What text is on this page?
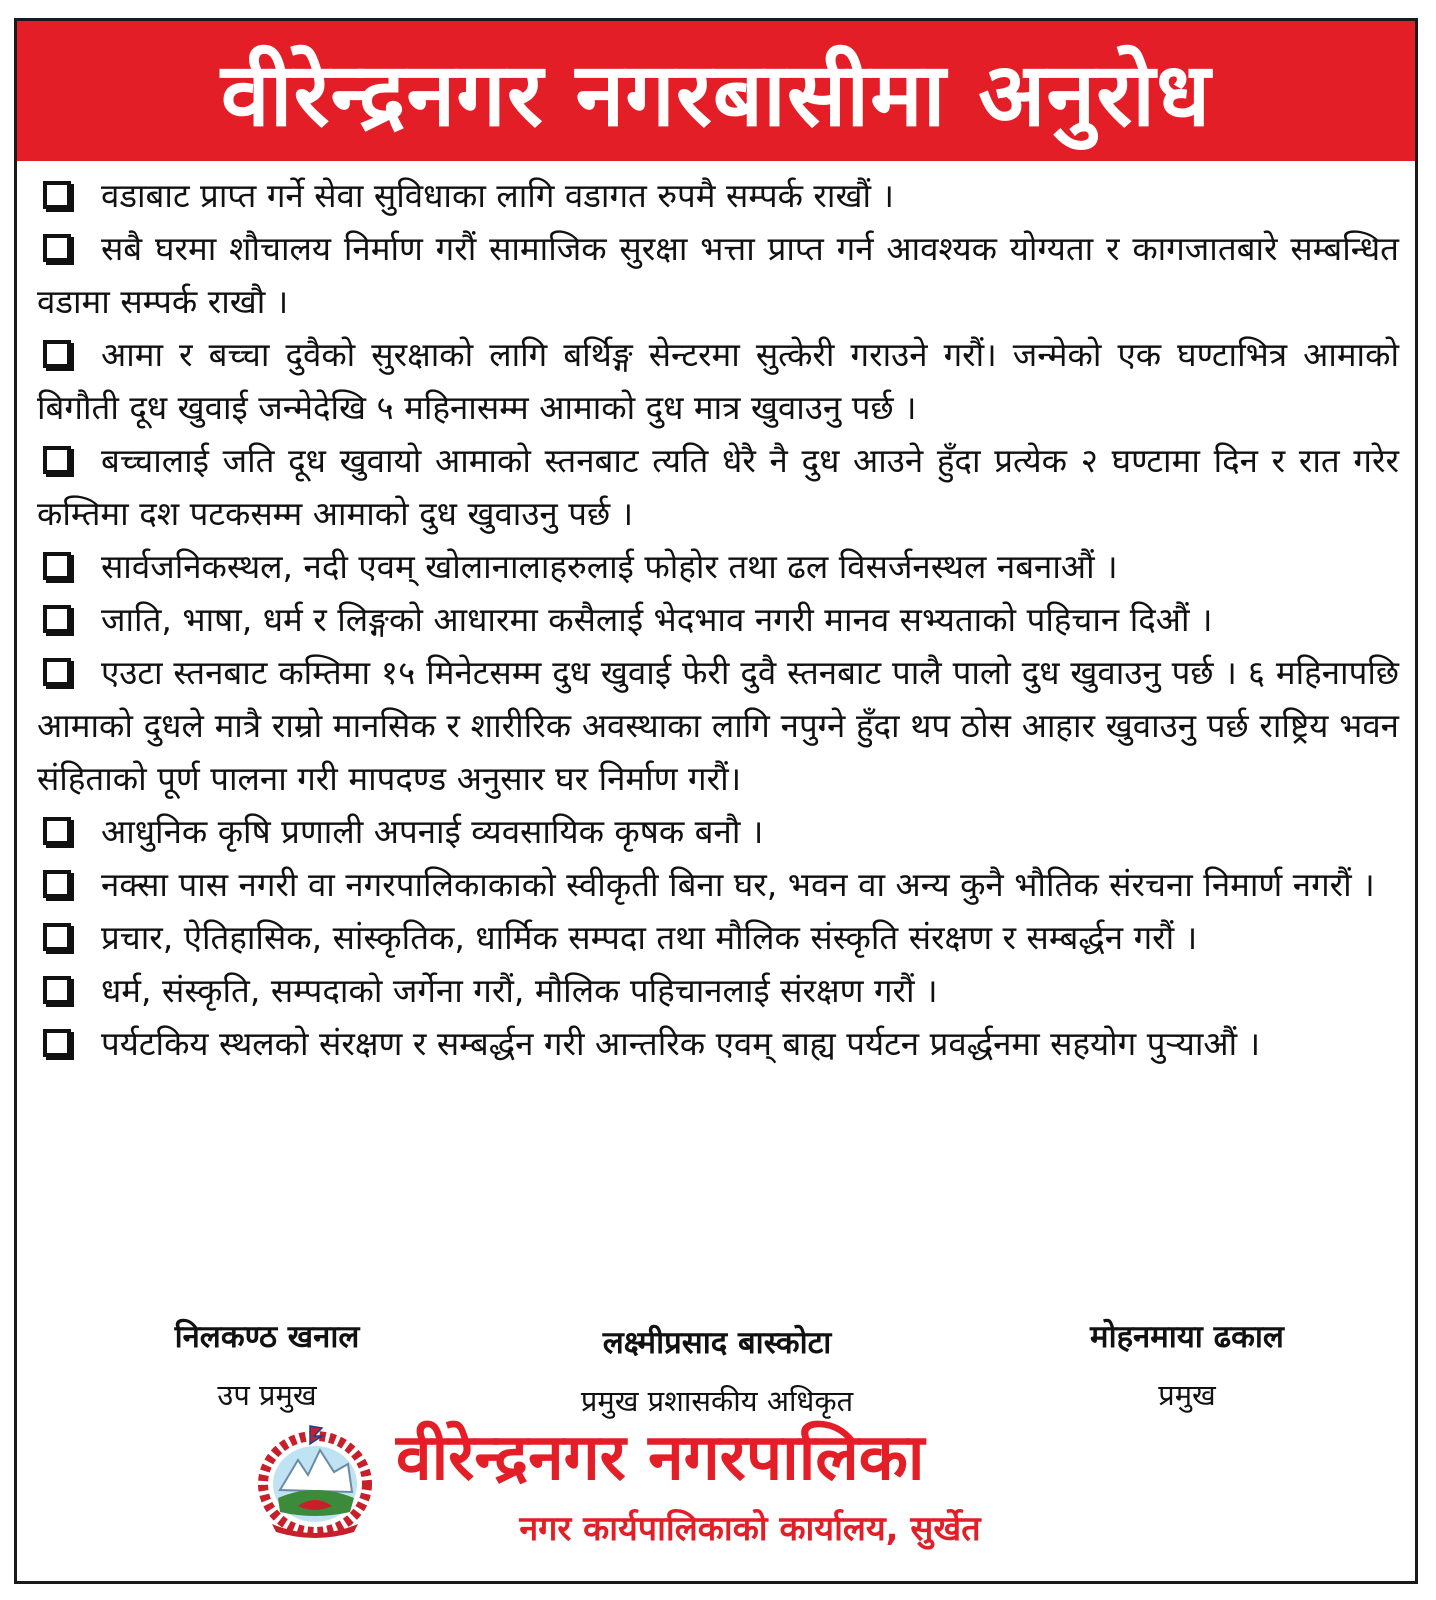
वीरेन्द्रनगर नगरबासीमा अनुरोध

वडाबाट प्राप्त गर्ने सेवा सुविधाका लागि वडागत रुपमै सम्पर्क राखौं ।

सबै घरमा शौचालय निर्माण गरौं सामाजिक सुरक्षा भत्ता प्राप्त गर्न आवश्यक योग्यता र कागजातबारे सम्बन्धित वडामा सम्पर्क राखौ ।

आमा र बच्चा दुवैको सुरक्षाको लागि बर्थिङ्ग सेन्टरमा सुत्केरी गराउने गरौं। जन्मेको एक घण्टाभित्र आमाको बिगौती दूध खुवाई जन्मेदेखि ५ महिनासम्म आमाको दुध मात्र खुवाउनु पर्छ ।

बच्चालाई जति दूध खुवायो आमाको स्तनबाट त्यति धेरै नै दुध आउने हुँदा प्रत्येक २ घण्टामा दिन र रात गरेर कम्तिमा दश पटकसम्म आमाको दुध खुवाउनु पर्छ ।

सार्वजनिकस्थल, नदी एवम् खोलानालाहरुलाई फोहोर तथा ढल विसर्जनस्थल नबनाऔं ।

जाति, भाषा, धर्म र लिङ्गको आधारमा कसैलाई भेदभाव नगरी मानव सभ्यताको पहिचान दिऔं ।

एउटा स्तनबाट कम्तिमा १५ मिनेटसम्म दुध खुवाई फेरी दुवै स्तनबाट पालै पालो दुध खुवाउनु पर्छ । ६ महिनापछि आमाको दुधले मात्रै राम्रो मानसिक र शारीरिक अवस्थाका लागि नपुग्ने हुँदा थप ठोस आहार खुवाउनु पर्छ राष्ट्रिय भवन संहिताको पूर्ण पालना गरी मापदण्ड अनुसार घर निर्माण गरौं।

आधुनिक कृषि प्रणाली अपनाई व्यवसायिक कृषक बनौ ।

नक्सा पास नगरी वा नगरपालिकाकाको स्वीकृती बिना घर, भवन वा अन्य कुनै भौतिक संरचना निमार्ण नगरौं ।

प्रचार, ऐतिहासिक, सांस्कृतिक, धार्मिक सम्पदा तथा मौलिक संस्कृति संरक्षण र सम्बर्द्धन गरौं ।

धर्म, संस्कृति, सम्पदाको जर्गेना गरौं, मौलिक पहिचानलाई संरक्षण गरौं ।

पर्यटकिय स्थलको संरक्षण र सम्बर्द्धन गरी आन्तरिक एवम् बाह्य पर्यटन प्रवर्द्धनमा सहयोग पुऱ्याऔं ।

निलकण्ठ खनाल
उप प्रमुख
लक्ष्मीप्रसाद बास्कोटा
प्रमुख प्रशासकीय अधिकृत
मोहनमाया ढकाल
प्रमुख
वीरेन्द्रनगर नगरपालिका
नगर कार्यपालिकाको कार्यालय, सुर्खेत
